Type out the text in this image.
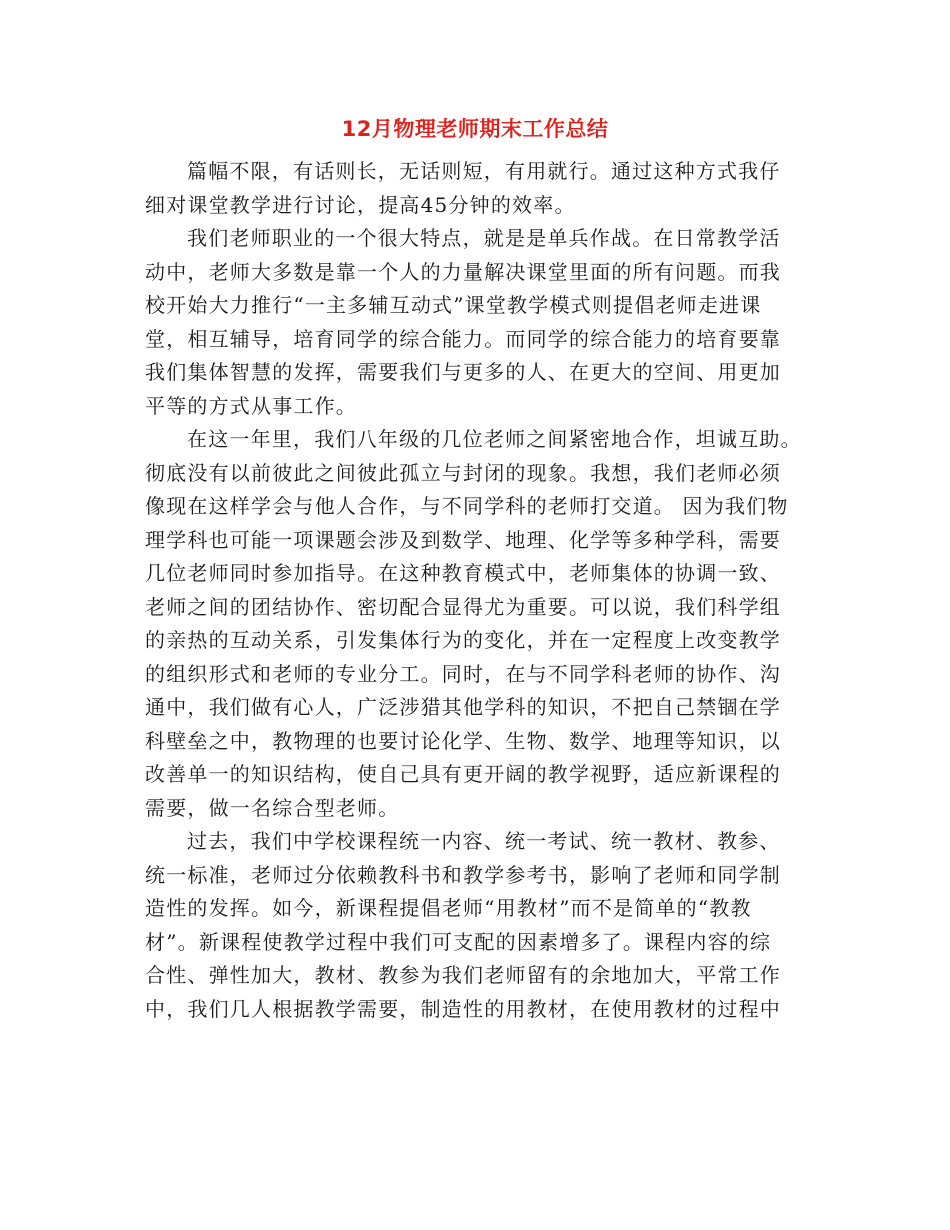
12月物理老师期末工作总结
篇幅不限，有话则长，无话则短，有用就行。通过这种方式我仔
细对课堂教学进行讨论，提高45分钟的效率。
我们老师职业的一个很大特点，就是是单兵作战。在日常教学活
动中，老师大多数是靠一个人的力量解决课堂里面的所有问题。而我
校开始大力推行“一主多辅互动式”课堂教学模式则提倡老师走进课
堂，相互辅导，培育同学的综合能力。而同学的综合能力的培育要靠
我们集体智慧的发挥，需要我们与更多的人、在更大的空间、用更加
平等的方式从事工作。
在这一年里，我们八年级的几位老师之间紧密地合作，坦诚互助。
彻底没有以前彼此之间彼此孤立与封闭的现象。我想，我们老师必须
像现在这样学会与他人合作，与不同学科的老师打交道。 因为我们物
理学科也可能一项课题会涉及到数学、地理、化学等多种学科，需要
几位老师同时参加指导。在这种教育模式中，老师集体的协调一致、
老师之间的团结协作、密切配合显得尤为重要。可以说，我们科学组
的亲热的互动关系，引发集体行为的变化，并在一定程度上改变教学
的组织形式和老师的专业分工。同时，在与不同学科老师的协作、沟
通中，我们做有心人，广泛涉猎其他学科的知识，不把自己禁锢在学
科壁垒之中，教物理的也要讨论化学、生物、数学、地理等知识，以
改善单一的知识结构，使自己具有更开阔的教学视野，适应新课程的
需要，做一名综合型老师。
过去，我们中学校课程统一内容、统一考试、统一教材、教参、
统一标准，老师过分依赖教科书和教学参考书，影响了老师和同学制
造性的发挥。如今，新课程提倡老师“用教材”而不是简单的“教教
材”。新课程使教学过程中我们可支配的因素增多了。课程内容的综
合性、弹性加大，教材、教参为我们老师留有的余地加大，平常工作
中，我们几人根据教学需要，制造性的用教材，在使用教材的过程中
